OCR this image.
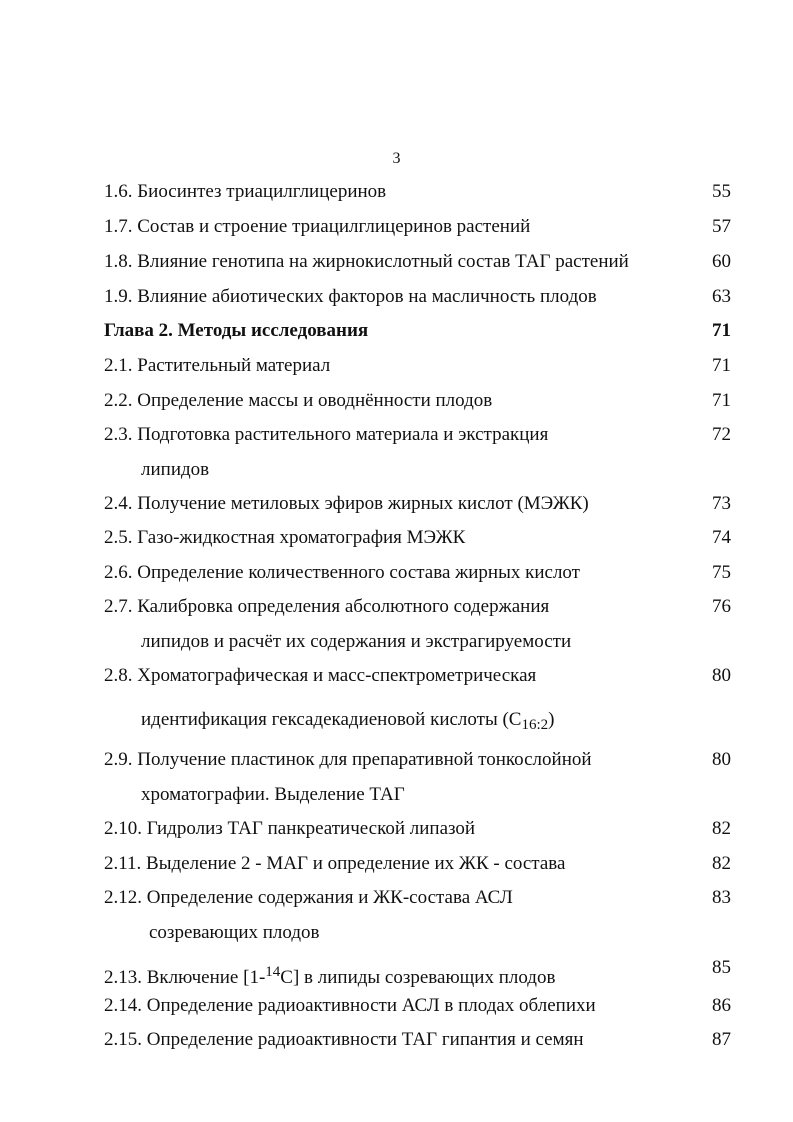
3
1.6. Биосинтез триацилглицеринов	55
1.7. Состав и строение триацилглицеринов растений	57
1.8. Влияние генотипа на жирнокислотный состав ТАГ растений	60
1.9. Влияние абиотических факторов на масличность плодов	63
Глава 2. Методы исследования	71
2.1. Растительный материал	71
2.2. Определение массы и оводнённости плодов	71
2.3. Подготовка растительного материала и экстракция	72
липидов
2.4. Получение метиловых эфиров жирных кислот (МЭЖК)	73
2.5. Газо-жидкостная хроматография МЭЖК	74
2.6. Определение количественного состава жирных кислот	75
2.7. Калибровка определения абсолютного содержания	76
липидов и расчёт их содержания и экстрагируемости
2.8. Хроматографическая и масс-спектрометрическая	80
идентификация гексадекадиеновой кислоты $(С_{16:2})$
2.9. Получение пластинок для препаративной тонкослойной	80
хроматографии. Выделение ТАГ
2.10. Гидролиз ТАГ панкреатической липазой	82
2.11. Выделение 2 - МАГ и определение их ЖК - состава	82
2.12. Определение содержания и ЖК-состава АСЛ	83
созревающих плодов
2.13. Включение [1-$^{14}$С] в липиды созревающих плодов	85
2.14. Определение радиоактивности АСЛ в плодах облепихи	86
2.15. Определение радиоактивности ТАГ гипантия и семян	87
